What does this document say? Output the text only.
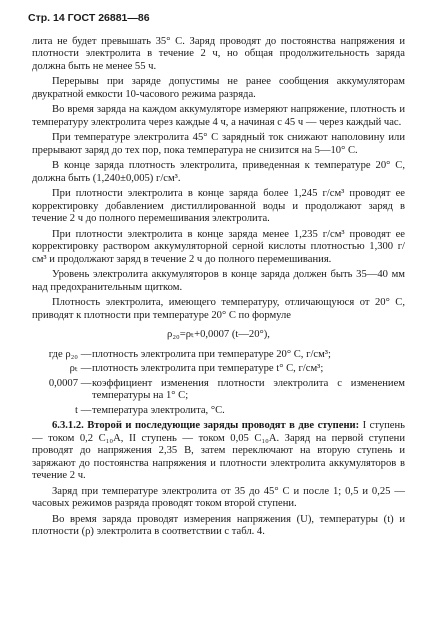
Стр. 14 ГОСТ 26881—86

лита не будет превышать 35° С. Заряд проводят до постоянства напряжения и плотности электролита в течение 2 ч, но общая продолжительность заряда должна быть не менее 55 ч.

Перерывы при заряде допустимы не ранее сообщения аккумуляторам двукратной емкости 10-часового режима разряда.

Во время заряда на каждом аккумуляторе измеряют напряжение, плотность и температуру электролита через каждые 4 ч, а начиная с 45 ч — через каждый час.

При температуре электролита 45° С зарядный ток снижают наполовину или прерывают заряд до тех пор, пока температура не снизится на 5—10° С.

В конце заряда плотность электролита, приведенная к температуре 20° С, должна быть (1,240±0,005) г/см³.

При плотности электролита в конце заряда более 1,245 г/см³ проводят ее корректировку добавлением дистиллированной воды и продолжают заряд в течение 2 ч до полного перемешивания электролита.

При плотности электролита в конце заряда менее 1,235 г/см³ проводят ее корректировку раствором аккумуляторной серной кислоты плотностью 1,300 г/см³ и продолжают заряд в течение 2 ч до полного перемешивания.

Уровень электролита аккумуляторов в конце заряда должен быть 35—40 мм над предохранительным щитком.

Плотность электролита, имеющего температуру, отличающуюся от 20° С, приводят к плотности при температуре 20° С по формуле

ρ₂₀=ρₜ+0,0007 (t—20°),
где ρ₂₀ — плотность электролита при температуре 20° С, г/см³;
ρₜ — плотность электролита при температуре t° С, г/см³;
0,0007 — коэффициент изменения плотности электролита с изменением температуры на 1° С;
t — температура электролита, °С.

6.3.1.2. Второй и последующие заряды проводят в две ступени: I ступень — током 0,2 C₁₀A, II ступень — током 0,05 C₁₀A. Заряд на первой ступени проводят до напряжения 2,35 В, затем переключают на вторую ступень и заряжают до постоянства напряжения и плотности электролита аккумуляторов в течение 2 ч.

Заряд при температуре электролита от 35 до 45° С и после 1; 0,5 и 0,25 — часовых режимов разряда проводят током второй ступени.

Во время заряда проводят измерения напряжения (U), температуры (t) и плотности (ρ) электролита в соответствии с табл. 4.
